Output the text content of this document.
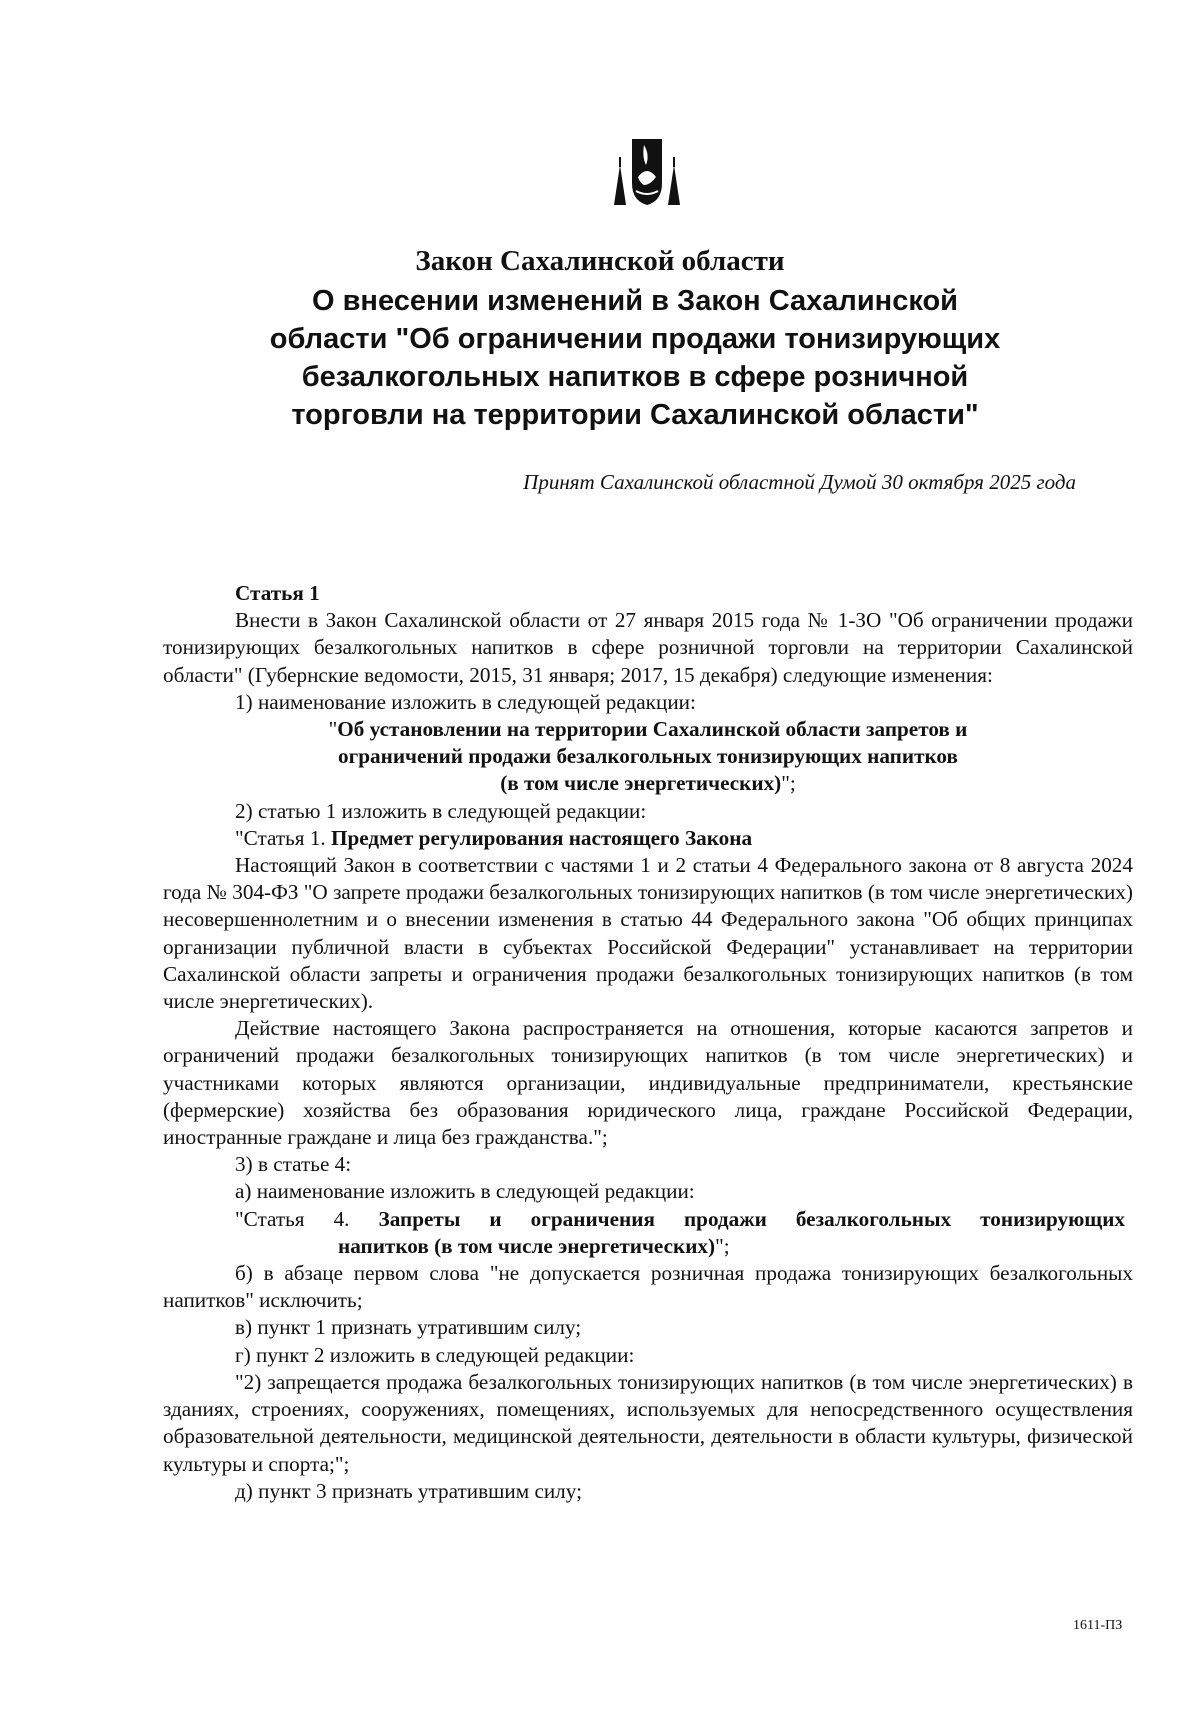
Закон Сахалинской области
О внесении изменений в Закон Сахалинской
области "Об ограничении продажи тонизирующих
безалкогольных напитков в сфере розничной
торговли на территории Сахалинской области"
Принят Сахалинской областной Думой 30 октября 2025 года

Статья 1

Внести в Закон Сахалинской области от 27 января 2015 года № 1-ЗО "Об ограничении продажи тонизирующих безалкогольных напитков в сфере розничной торговли на территории Сахалинской области" (Губернские ведомости, 2015, 31 января; 2017, 15 декабря) следующие изменения:

1) наименование изложить в следующей редакции:

"Об установлении на территории Сахалинской области запретов и
ограничений продажи безалкогольных тонизирующих напитков
(в том числе энергетических)";

2) статью 1 изложить в следующей редакции:

"Статья 1. Предмет регулирования настоящего Закона

Настоящий Закон в соответствии с частями 1 и 2 статьи 4 Федерального закона от 8 августа 2024 года № 304-ФЗ "О запрете продажи безалкогольных тонизирующих напитков (в том числе энергетических) несовершеннолетним и о внесении изменения в статью 44 Федерального закона "Об общих принципах организации публичной власти в субъектах Российской Федерации" устанавливает на территории Сахалинской области запреты и ограничения продажи безалкогольных тонизирующих напитков (в том числе энергетических).

Действие настоящего Закона распространяется на отношения, которые касаются запретов и ограничений продажи безалкогольных тонизирующих напитков (в том числе энергетических) и участниками которых являются организации, индивидуальные предприниматели, крестьянские (фермерские) хозяйства без образования юридического лица, граждане Российской Федерации, иностранные граждане и лица без гражданства.";

3) в статье 4:

а) наименование изложить в следующей редакции:

"Статья 4. Запреты и ограничения продажи безалкогольных тонизирующих

напитков (в том числе энергетических)";

б) в абзаце первом слова "не допускается розничная продажа тонизирующих безалкогольных напитков" исключить;

в) пункт 1 признать утратившим силу;

г) пункт 2 изложить в следующей редакции:

"2) запрещается продажа безалкогольных тонизирующих напитков (в том числе энергетических) в зданиях, строениях, сооружениях, помещениях, используемых для непосредственного осуществления образовательной деятельности, медицинской деятельности, деятельности в области культуры, физической культуры и спорта;";

д) пункт 3 признать утратившим силу;

1611-ПЗ
